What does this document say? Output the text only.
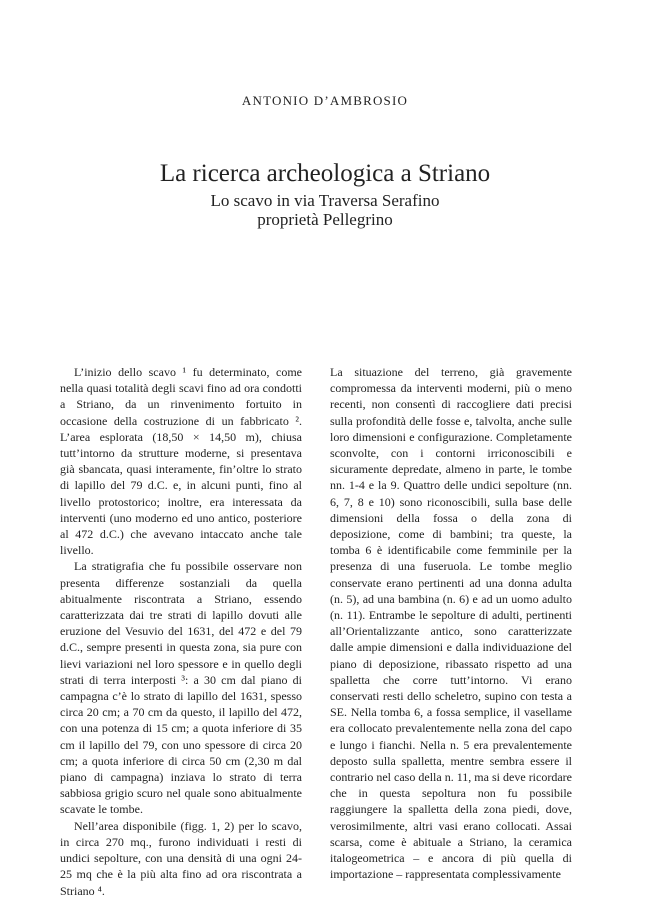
ANTONIO D’AMBROSIO
La ricerca archeologica a Striano
Lo scavo in via Traversa Serafino
proprietà Pellegrino

L’inizio dello scavo ¹ fu determinato, come nella quasi totalità degli scavi fino ad ora condotti a Striano, da un rinvenimento fortuito in occasione della costruzione di un fabbricato ². L’area esplorata (18,50 × 14,50 m), chiusa tutt’intorno da strutture moderne, si presentava già sbancata, quasi interamente, fin’oltre lo strato di lapillo del 79 d.C. e, in alcuni punti, fino al livello protostorico; inoltre, era interessata da interventi (uno moderno ed uno antico, posteriore al 472 d.C.) che avevano intaccato anche tale livello.

La stratigrafia che fu possibile osservare non presenta differenze sostanziali da quella abitualmente riscontrata a Striano, essendo caratterizzata dai tre strati di lapillo dovuti alle eruzione del Vesuvio del 1631, del 472 e del 79 d.C., sempre presenti in questa zona, sia pure con lievi variazioni nel loro spessore e in quello degli strati di terra interposti ³: a 30 cm dal piano di campagna c’è lo strato di lapillo del 1631, spesso circa 20 cm; a 70 cm da questo, il lapillo del 472, con una potenza di 15 cm; a quota inferiore di 35 cm il lapillo del 79, con uno spessore di circa 20 cm; a quota inferiore di circa 50 cm (2,30 m dal piano di campagna) inziava lo strato di terra sabbiosa grigio scuro nel quale sono abitualmente scavate le tombe.

Nell’area disponibile (figg. 1, 2) per lo scavo, in circa 270 mq., furono individuati i resti di undici sepolture, con una densità di una ogni 24-25 mq che è la più alta fino ad ora riscontrata a Striano ⁴.

La situazione del terreno, già gravemente compromessa da interventi moderni, più o meno recenti, non consentì di raccogliere dati precisi sulla profondità delle fosse e, talvolta, anche sulle loro dimensioni e configurazione. Completamente sconvolte, con i contorni irriconoscibili e sicuramente depredate, almeno in parte, le tombe nn. 1-4 e la 9. Quattro delle undici sepolture (nn. 6, 7, 8 e 10) sono riconoscibili, sulla base delle dimensioni della fossa o della zona di deposizione, come di bambini; tra queste, la tomba 6 è identificabile come femminile per la presenza di una fuseruola. Le tombe meglio conservate erano pertinenti ad una donna adulta (n. 5), ad una bambina (n. 6) e ad un uomo adulto (n. 11). Entrambe le sepolture di adulti, pertinenti all’Orientalizzante antico, sono caratterizzate dalle ampie dimensioni e dalla individuazione del piano di deposizione, ribassato rispetto ad una spalletta che corre tutt’intorno. Vi erano conservati resti dello scheletro, supino con testa a SE. Nella tomba 6, a fossa semplice, il vasellame era collocato prevalentemente nella zona del capo e lungo i fianchi. Nella n. 5 era prevalentemente deposto sulla spalletta, mentre sembra essere il contrario nel caso della n. 11, ma si deve ricordare che in questa sepoltura non fu possibile raggiungere la spalletta della zona piedi, dove, verosimilmente, altri vasi erano collocati. Assai scarsa, come è abituale a Striano, la ceramica italogeometrica – e ancora di più quella di importazione – rappresentata complessivamente
